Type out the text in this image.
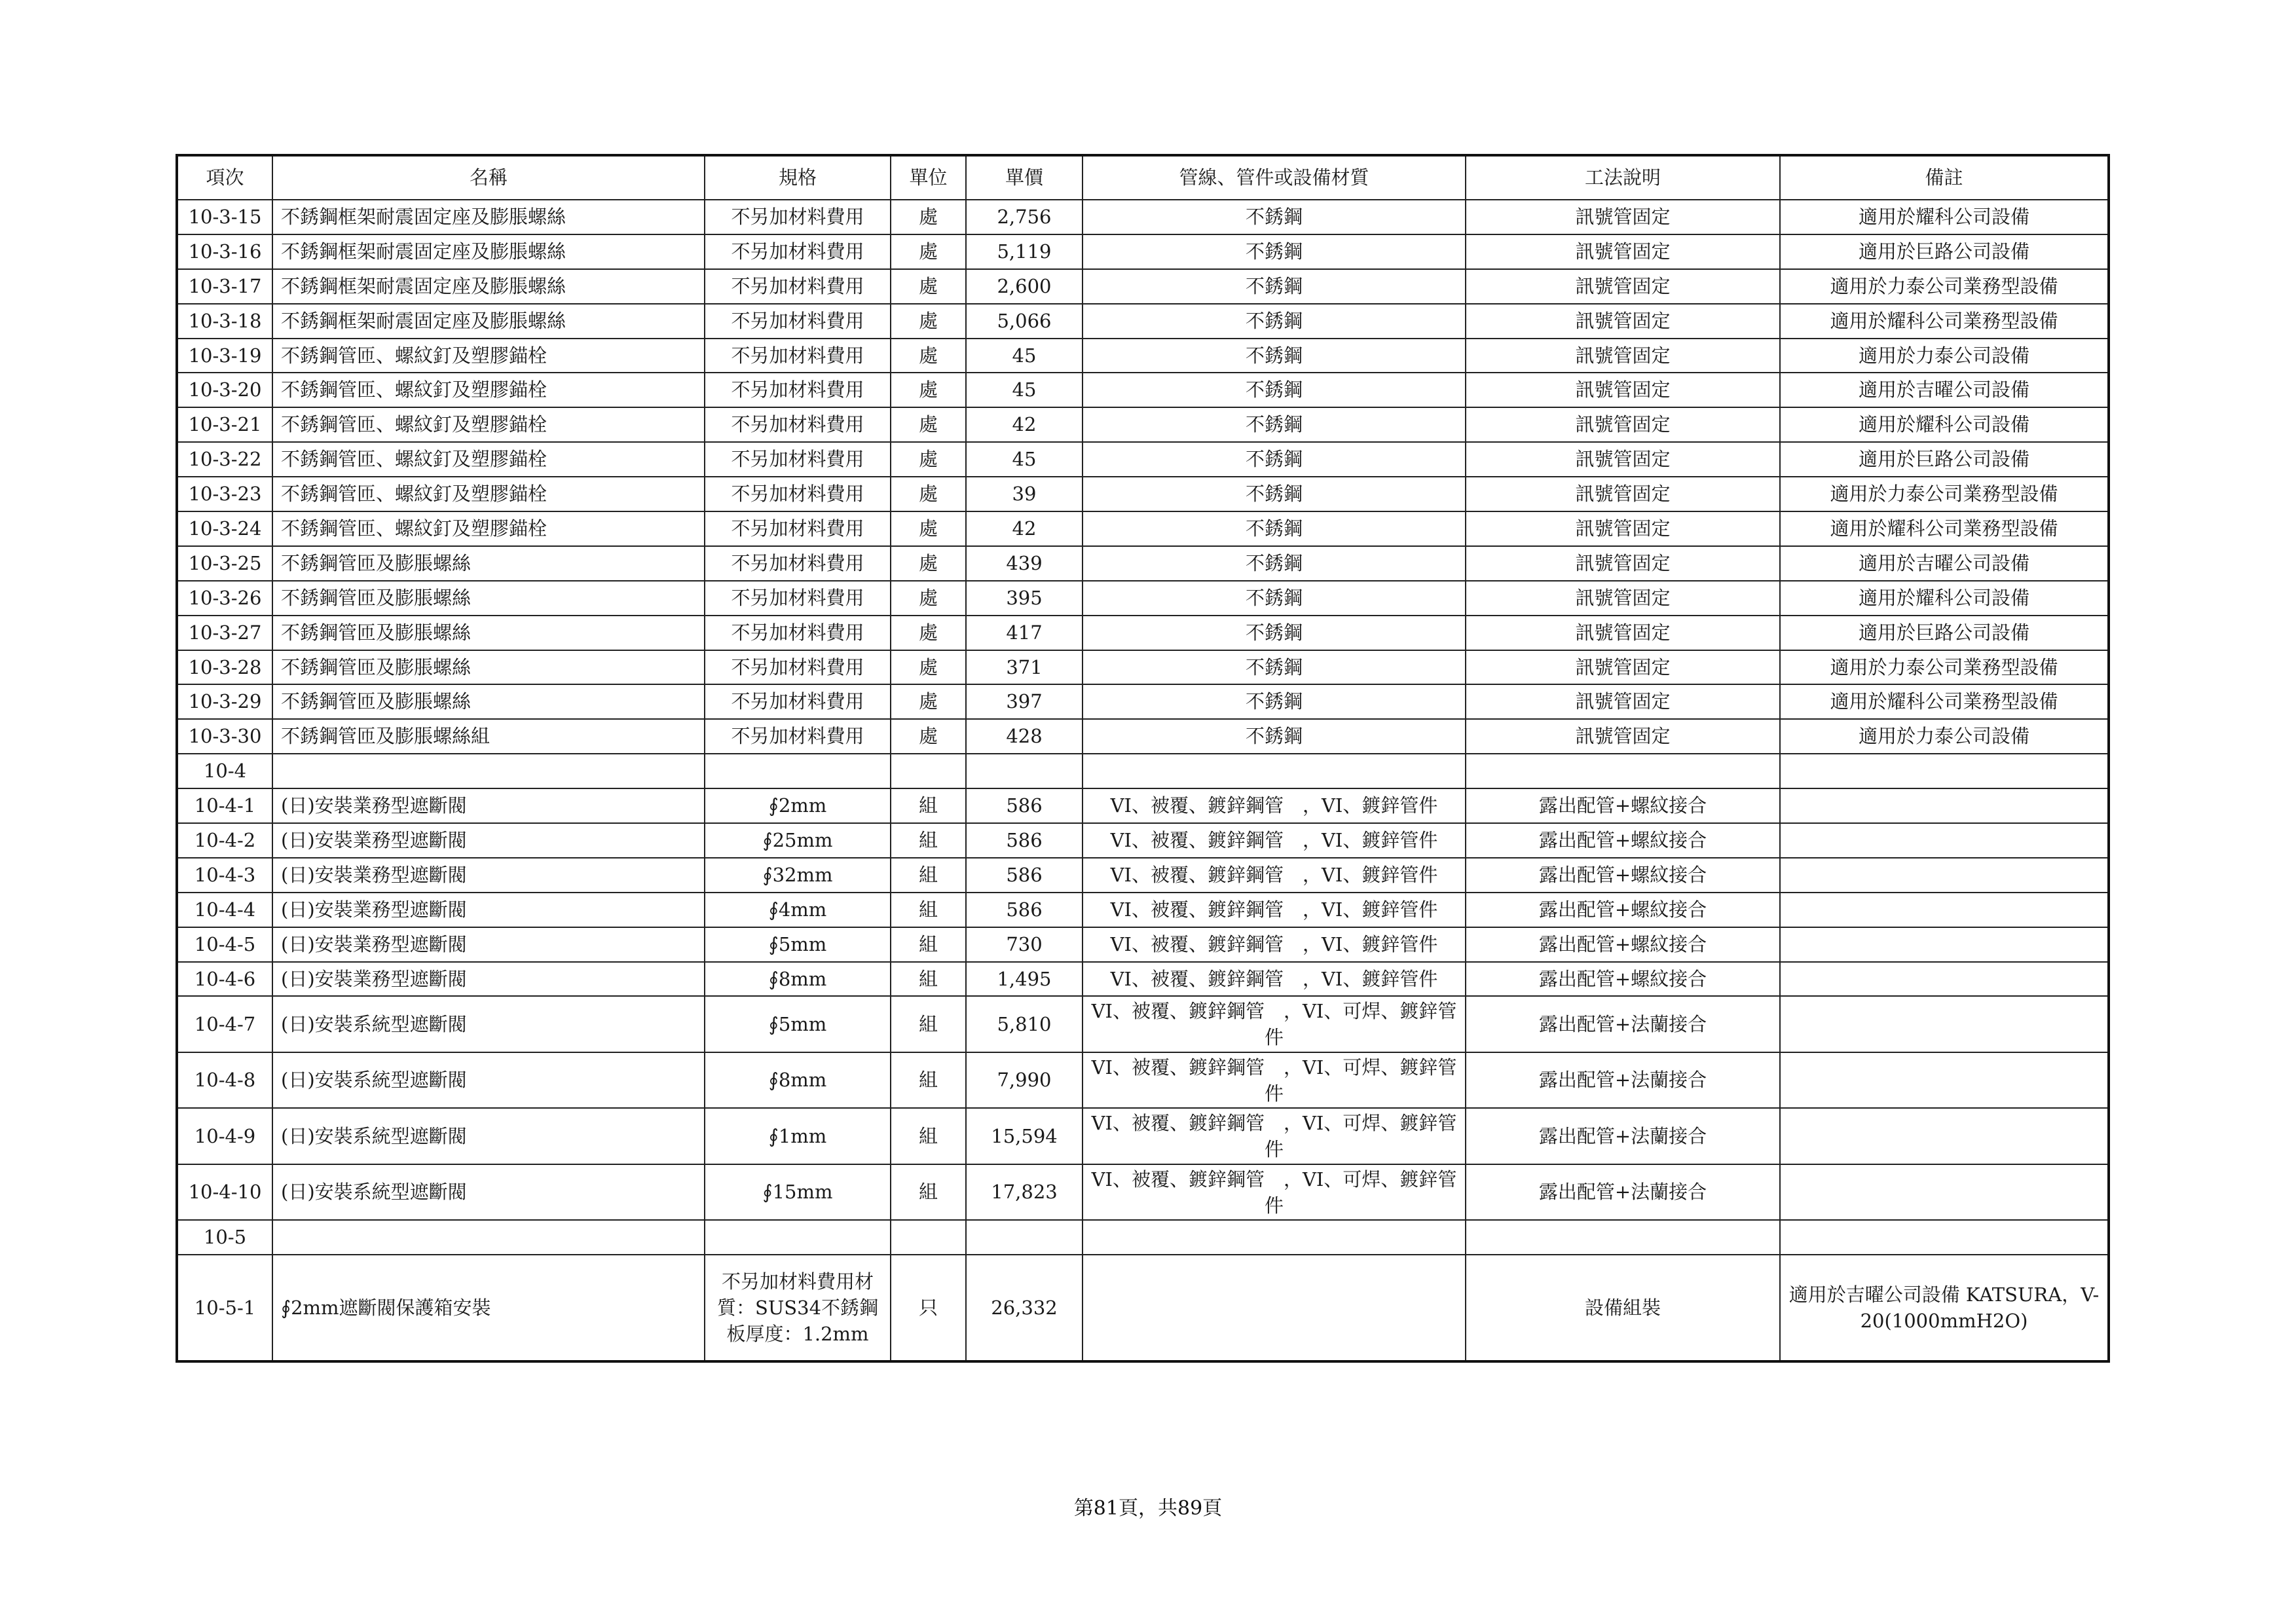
項次	名稱	規格	單位	單價	管線、管件或設備材質	工法說明	備註
10-3-15	不銹鋼框架耐震固定座及膨脹螺絲	不另加材料費用	處	2,756	不銹鋼	訊號管固定	適用於耀科公司設備
10-3-16	不銹鋼框架耐震固定座及膨脹螺絲	不另加材料費用	處	5,119	不銹鋼	訊號管固定	適用於巨路公司設備
10-3-17	不銹鋼框架耐震固定座及膨脹螺絲	不另加材料費用	處	2,600	不銹鋼	訊號管固定	適用於力泰公司業務型設備
10-3-18	不銹鋼框架耐震固定座及膨脹螺絲	不另加材料費用	處	5,066	不銹鋼	訊號管固定	適用於耀科公司業務型設備
10-3-19	不銹鋼管匝、螺紋釘及塑膠錨栓	不另加材料費用	處	45	不銹鋼	訊號管固定	適用於力泰公司設備
10-3-20	不銹鋼管匝、螺紋釘及塑膠錨栓	不另加材料費用	處	45	不銹鋼	訊號管固定	適用於吉曜公司設備
10-3-21	不銹鋼管匝、螺紋釘及塑膠錨栓	不另加材料費用	處	42	不銹鋼	訊號管固定	適用於耀科公司設備
10-3-22	不銹鋼管匝、螺紋釘及塑膠錨栓	不另加材料費用	處	45	不銹鋼	訊號管固定	適用於巨路公司設備
10-3-23	不銹鋼管匝、螺紋釘及塑膠錨栓	不另加材料費用	處	39	不銹鋼	訊號管固定	適用於力泰公司業務型設備
10-3-24	不銹鋼管匝、螺紋釘及塑膠錨栓	不另加材料費用	處	42	不銹鋼	訊號管固定	適用於耀科公司業務型設備
10-3-25	不銹鋼管匝及膨脹螺絲	不另加材料費用	處	439	不銹鋼	訊號管固定	適用於吉曜公司設備
10-3-26	不銹鋼管匝及膨脹螺絲	不另加材料費用	處	395	不銹鋼	訊號管固定	適用於耀科公司設備
10-3-27	不銹鋼管匝及膨脹螺絲	不另加材料費用	處	417	不銹鋼	訊號管固定	適用於巨路公司設備
10-3-28	不銹鋼管匝及膨脹螺絲	不另加材料費用	處	371	不銹鋼	訊號管固定	適用於力泰公司業務型設備
10-3-29	不銹鋼管匝及膨脹螺絲	不另加材料費用	處	397	不銹鋼	訊號管固定	適用於耀科公司業務型設備
10-3-30	不銹鋼管匝及膨脹螺絲組	不另加材料費用	處	428	不銹鋼	訊號管固定	適用於力泰公司設備
10-4							
10-4-1	(日)安裝業務型遮斷閥	∮2mm	組	586	VI、被覆、鍍鋅鋼管　，VI、鍍鋅管件	露出配管+螺紋接合	
10-4-2	(日)安裝業務型遮斷閥	∮25mm	組	586	VI、被覆、鍍鋅鋼管　，VI、鍍鋅管件	露出配管+螺紋接合	
10-4-3	(日)安裝業務型遮斷閥	∮32mm	組	586	VI、被覆、鍍鋅鋼管　，VI、鍍鋅管件	露出配管+螺紋接合	
10-4-4	(日)安裝業務型遮斷閥	∮4mm	組	586	VI、被覆、鍍鋅鋼管　，VI、鍍鋅管件	露出配管+螺紋接合	
10-4-5	(日)安裝業務型遮斷閥	∮5mm	組	730	VI、被覆、鍍鋅鋼管　，VI、鍍鋅管件	露出配管+螺紋接合	
10-4-6	(日)安裝業務型遮斷閥	∮8mm	組	1,495	VI、被覆、鍍鋅鋼管　，VI、鍍鋅管件	露出配管+螺紋接合	
10-4-7	(日)安裝系統型遮斷閥	∮5mm	組	5,810	VI、被覆、鍍鋅鋼管　，VI、可焊、鍍鋅管件	露出配管+法蘭接合	
10-4-8	(日)安裝系統型遮斷閥	∮8mm	組	7,990	VI、被覆、鍍鋅鋼管　，VI、可焊、鍍鋅管件	露出配管+法蘭接合	
10-4-9	(日)安裝系統型遮斷閥	∮1mm	組	15,594	VI、被覆、鍍鋅鋼管　，VI、可焊、鍍鋅管件	露出配管+法蘭接合	
10-4-10	(日)安裝系統型遮斷閥	∮15mm	組	17,823	VI、被覆、鍍鋅鋼管　，VI、可焊、鍍鋅管件	露出配管+法蘭接合	
10-5							
10-5-1	∮2mm遮斷閥保護箱安裝	不另加材料費用材質：SUS34不銹鋼板厚度：1.2mm	只	26,332		設備組裝	適用於吉曜公司設備 KATSURA，V-20(1000mmH2O)
第81頁，共89頁
